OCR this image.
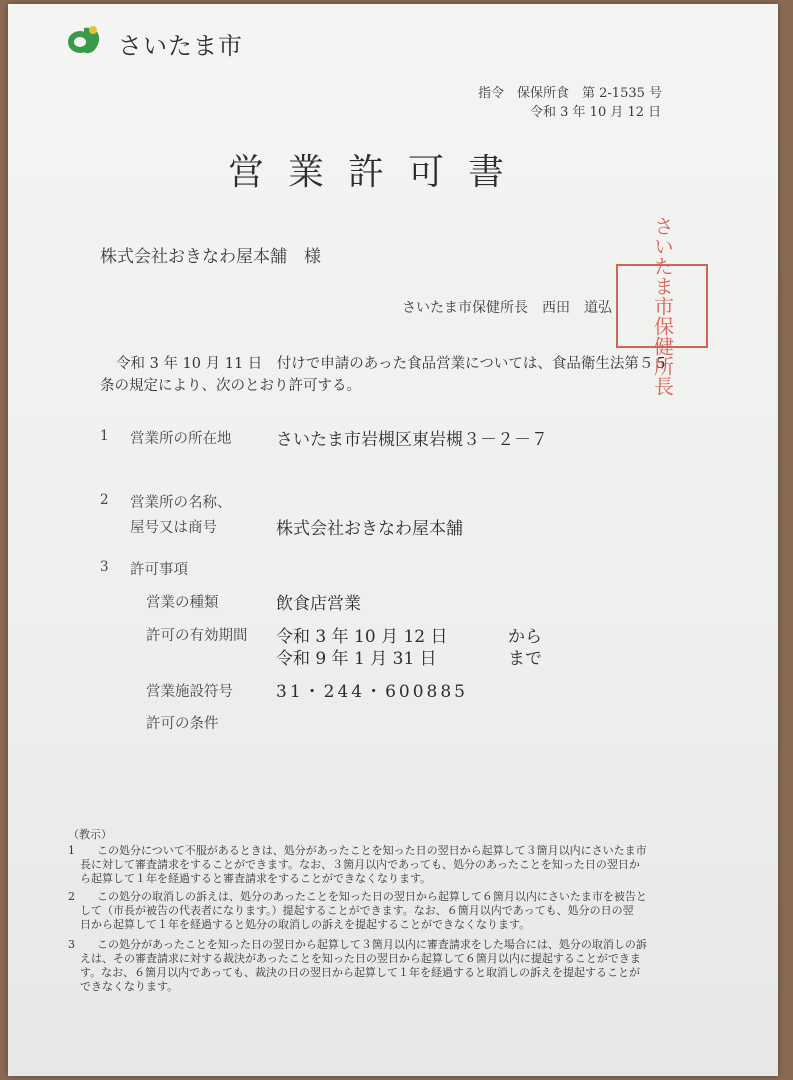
さいたま市
指令　保保所食　第 2-1535 号
令和 3 年 10 月 12 日
営業許可書
株式会社おきなわ屋本舗　様
さいたま市保健所長　西田　道弘	さいたま市保健所長
令和 3 年 10 月 11 日　付けで申請のあった食品営業については、食品衛生法第５５
条の規定により、次のとおり許可する。
1 営業所の所在地	さいたま市岩槻区東岩槻３－２－７
2 営業所の名称、
屋号又は商号	株式会社おきなわ屋本舗
3 許可事項
営業の種類	飲食店営業
許可の有効期間 令和 3 年 10 月 12 日	から
令和 9 年 1 月 31 日	まで
営業施設符号	31・244・600885
許可の条件
（教示）
1　　この処分について不服があるときは、処分があったことを知った日の翌日から起算して３箇月以内にさいたま市
長に対して審査請求をすることができます。なお、３箇月以内であっても、処分のあったことを知った日の翌日か
ら起算して１年を経過すると審査請求をすることができなくなります。
2　　この処分の取消しの訴えは、処分のあったことを知った日の翌日から起算して６箇月以内にさいたま市を被告と
して（市長が被告の代表者になります。）提起することができます。なお、６箇月以内であっても、処分の日の翌
日から起算して１年を経過すると処分の取消しの訴えを提起することができなくなります。
3　　この処分があったことを知った日の翌日から起算して３箇月以内に審査請求をした場合には、処分の取消しの訴
えは、その審査請求に対する裁決があったことを知った日の翌日から起算して６箇月以内に提起することができま
す。なお、６箇月以内であっても、裁決の日の翌日から起算して１年を経過すると取消しの訴えを提起することが
できなくなります。
